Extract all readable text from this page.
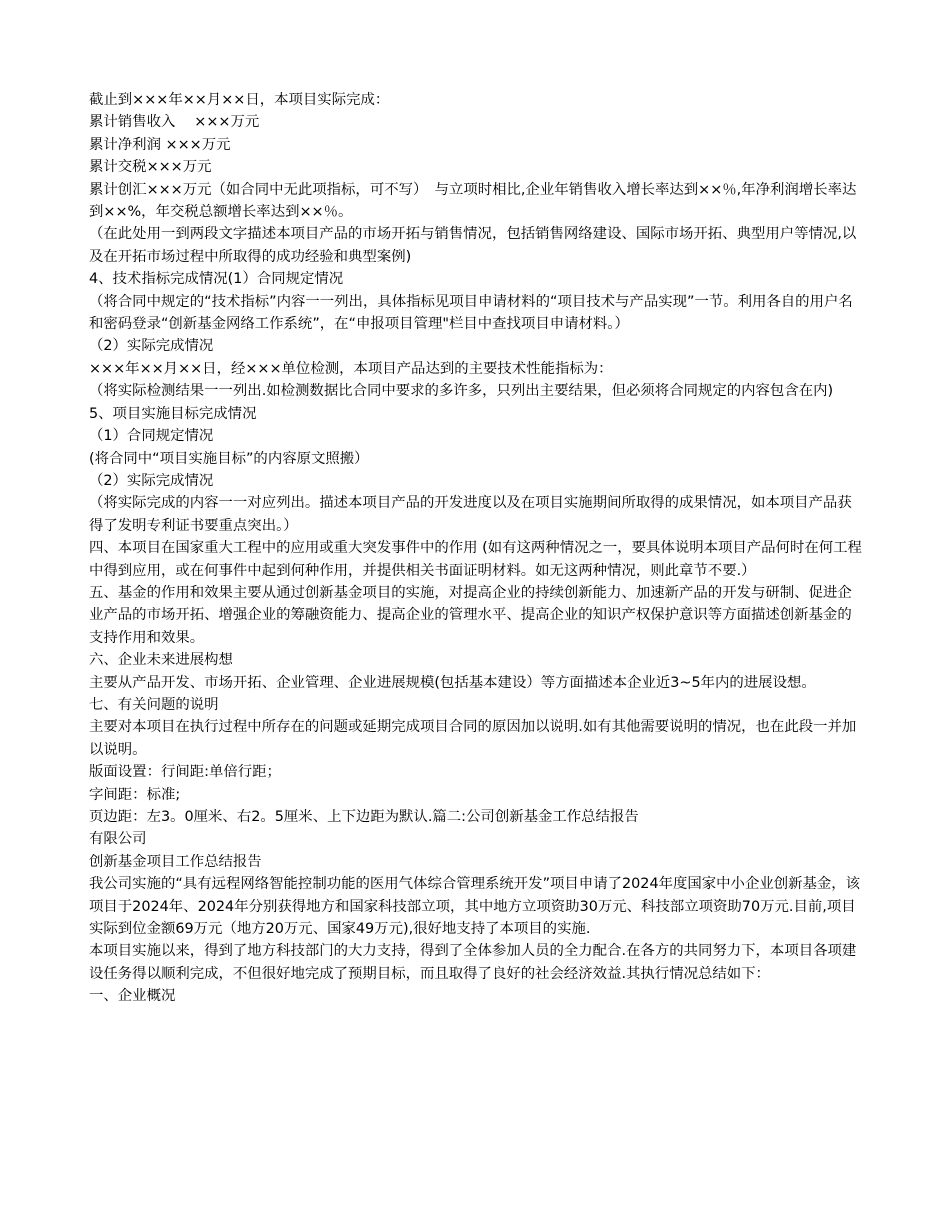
截止到×××年××月××日，本项目实际完成：

累计销售收入　 ×××万元

累计净利润 ×××万元

累计交税×××万元

累计创汇×××万元（如合同中无此项指标，可不写）　与立项时相比,企业年销售收入增长率达到××％,年净利润增长率达到××%，年交税总额增长率达到××％。

（在此处用一到两段文字描述本项目产品的市场开拓与销售情况，包括销售网络建设、国际市场开拓、典型用户等情况,以及在开拓市场过程中所取得的成功经验和典型案例)

4、技术指标完成情况(1）合同规定情况

（将合同中规定的“技术指标”内容一一列出，具体指标见项目申请材料的“项目技术与产品实现”一节。利用各自的用户名和密码登录“创新基金网络工作系统”，在“申报项目管理"栏目中查找项目申请材料。）

（2）实际完成情况

×××年××月××日，经×××单位检测，本项目产品达到的主要技术性能指标为：

（将实际检测结果一一列出.如检测数据比合同中要求的多许多，只列出主要结果，但必须将合同规定的内容包含在内)

5、项目实施目标完成情况

（1）合同规定情况

(将合同中“项目实施目标”的内容原文照搬）

（2）实际完成情况

（将实际完成的内容一一对应列出。描述本项目产品的开发进度以及在项目实施期间所取得的成果情况，如本项目产品获得了发明专利证书要重点突出。）

四、本项目在国家重大工程中的应用或重大突发事件中的作用 (如有这两种情况之一，要具体说明本项目产品何时在何工程中得到应用，或在何事件中起到何种作用，并提供相关书面证明材料。如无这两种情况，则此章节不要.）

五、基金的作用和效果主要从通过创新基金项目的实施，对提高企业的持续创新能力、加速新产品的开发与研制、促进企业产品的市场开拓、增强企业的筹融资能力、提高企业的管理水平、提高企业的知识产权保护意识等方面描述创新基金的支持作用和效果。

六、企业未来进展构想

主要从产品开发、市场开拓、企业管理、企业进展规模(包括基本建设）等方面描述本企业近3~5年内的进展设想。

七、有关问题的说明

主要对本项目在执行过程中所存在的问题或延期完成项目合同的原因加以说明.如有其他需要说明的情况，也在此段一并加以说明。

版面设置：行间距:单倍行距；

字间距：标准;

页边距：左3。0厘米、右2。5厘米、上下边距为默认.篇二:公司创新基金工作总结报告

有限公司

创新基金项目工作总结报告

我公司实施的“具有远程网络智能控制功能的医用气体综合管理系统开发”项目申请了2024年度国家中小企业创新基金，该项目于2024年、2024年分别获得地方和国家科技部立项，其中地方立项资助30万元、科技部立项资助70万元.目前,项目实际到位金额69万元（地方20万元、国家49万元),很好地支持了本项目的实施.

本项目实施以来，得到了地方科技部门的大力支持，得到了全体参加人员的全力配合.在各方的共同努力下，本项目各项建设任务得以顺利完成，不但很好地完成了预期目标，而且取得了良好的社会经济效益.其执行情况总结如下：

一、企业概况
